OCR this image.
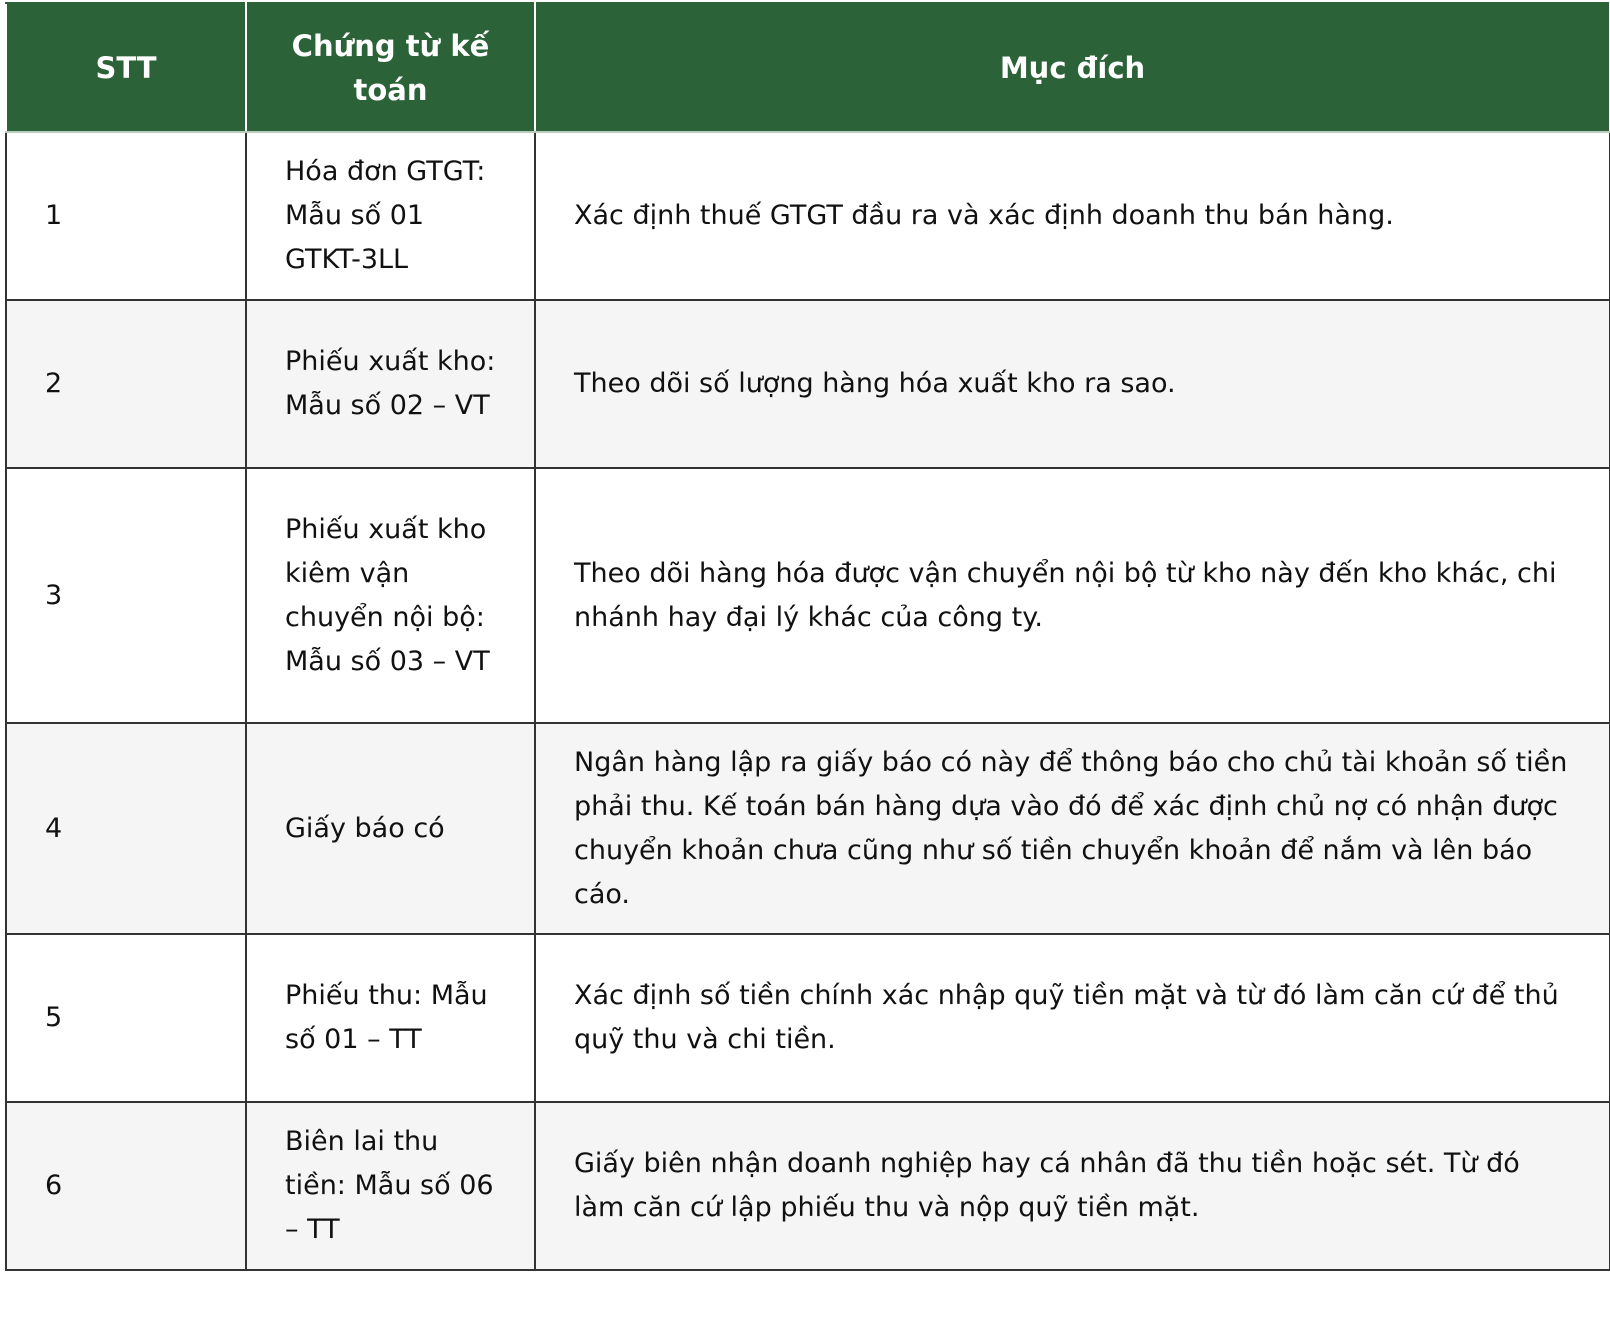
STT	Chứng từ kế toán	Mục đích
1	Hóa đơn GTGT: Mẫu số 01 GTKT-3LL	Xác định thuế GTGT đầu ra và xác định doanh thu bán hàng.
2	Phiếu xuất kho: Mẫu số 02 – VT	Theo dõi số lượng hàng hóa xuất kho ra sao.
3	Phiếu xuất kho kiêm vận chuyển nội bộ: Mẫu số 03 – VT	Theo dõi hàng hóa được vận chuyển nội bộ từ kho này đến kho khác, chi nhánh hay đại lý khác của công ty.
4	Giấy báo có	Ngân hàng lập ra giấy báo có này để thông báo cho chủ tài khoản số tiền phải thu. Kế toán bán hàng dựa vào đó để xác định chủ nợ có nhận được chuyển khoản chưa cũng như số tiền chuyển khoản để nắm và lên báo cáo.
5	Phiếu thu: Mẫu số 01 – TT	Xác định số tiền chính xác nhập quỹ tiền mặt và từ đó làm căn cứ để thủ quỹ thu và chi tiền.
6	Biên lai thu tiền: Mẫu số 06 – TT	Giấy biên nhận doanh nghiệp hay cá nhân đã thu tiền hoặc sét. Từ đó làm căn cứ lập phiếu thu và nộp quỹ tiền mặt.
